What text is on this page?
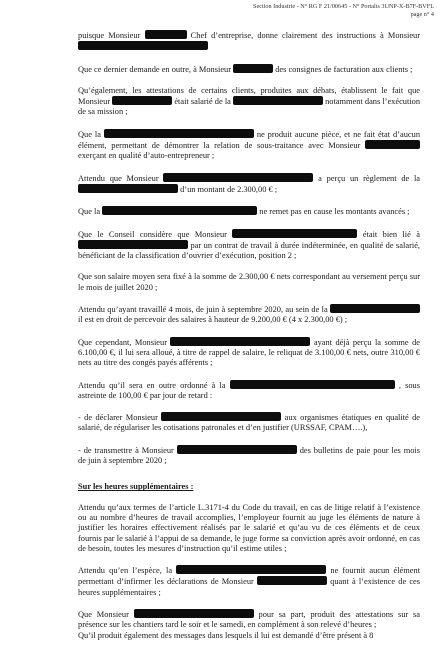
Section Industrie - N° RG F 21/00645 - N° Portalis 3UNP-X-B7F-BVFL
page n° 4

puisque Monsieur	Chef d’entreprise, donne clairement des instructions à Monsieur

Que ce dernier demande en outre, à Monsieur	des consignes de facturation aux clients ;

Qu’également, les attestations de certains clients, produites aux débats, établissent le fait que Monsieur	était salarié de la	notamment dans l’exécution de sa mission ;

Que la	ne produit aucune pièce, et ne fait état d’aucun élément, permettant de démontrer la relation de sous-traitance avec Monsieur  exerçant en qualité d’auto-entrepreneur ;

Attendu que Monsieur	a perçu un règlement de la  d’un montant de 2.300,00 € ;

Que la	ne remet pas en cause les montants avancés ;

Que le Conseil considère que Monsieur	était bien lié à  par un contrat de travail à durée indéterminée, en qualité de salarié, bénéficiant de la classification d’ouvrier d’exécution, position 2 ;

Que son salaire moyen sera fixé à la somme de 2.300,00 € nets correspondant au versement perçu sur le mois de juillet 2020 ;

Attendu qu’ayant travaillé 4 mois, de juin à septembre 2020, au sein de la  il est en droit de percevoir des salaires à hauteur de 9.200,00 € (4 x 2.300,00 €) ;

Que cependant, Monsieur	ayant déjà perçu la somme de 6.100,00 €, il lui sera alloué, à titre de rappel de salaire, le reliquat de 3.100,00 € nets, outre 310,00 € nets au titre des congés payés afférents ;

Attendu qu’il sera en outre ordonné à la	, sous astreinte de 100,00 € par jour de retard :

- de déclarer Monsieur	aux organismes étatiques en qualité de salarié, de régulariser les cotisations patronales et d’en justifier (URSSAF, CPAM….),

- de transmettre à Monsieur	des bulletins de paie pour les mois de juin à septembre 2020 ;

Sur les heures supplémentaires :

Attendu qu’aux termes de l’article L.3171-4 du Code du travail, en cas de litige relatif à l’existence ou au nombre d’heures de travail accomplies, l’employeur fournit au juge les éléments de nature à justifier les horaires effectivement réalisés par le salarié et qu’au vu de ces éléments et de ceux fournis par le salarié à l’appui de sa demande, le juge forme sa conviction après avoir ordonné, en cas de besoin, toutes les mesures d’instruction qu’il estime utiles ;

Attendu qu’en l’espèce, la	ne fournit aucun élément permettant d’infirmer les déclarations de Monsieur	quant à l’existence de ces heures supplémentaires ;

Que Monsieur	pour sa part, produit des attestations sur sa présence sur les chantiers tard le soir et le samedi, en complément à son relevé d’heures ;
Qu’il produit également des messages dans lesquels il lui est demandé d’être présent à 8
